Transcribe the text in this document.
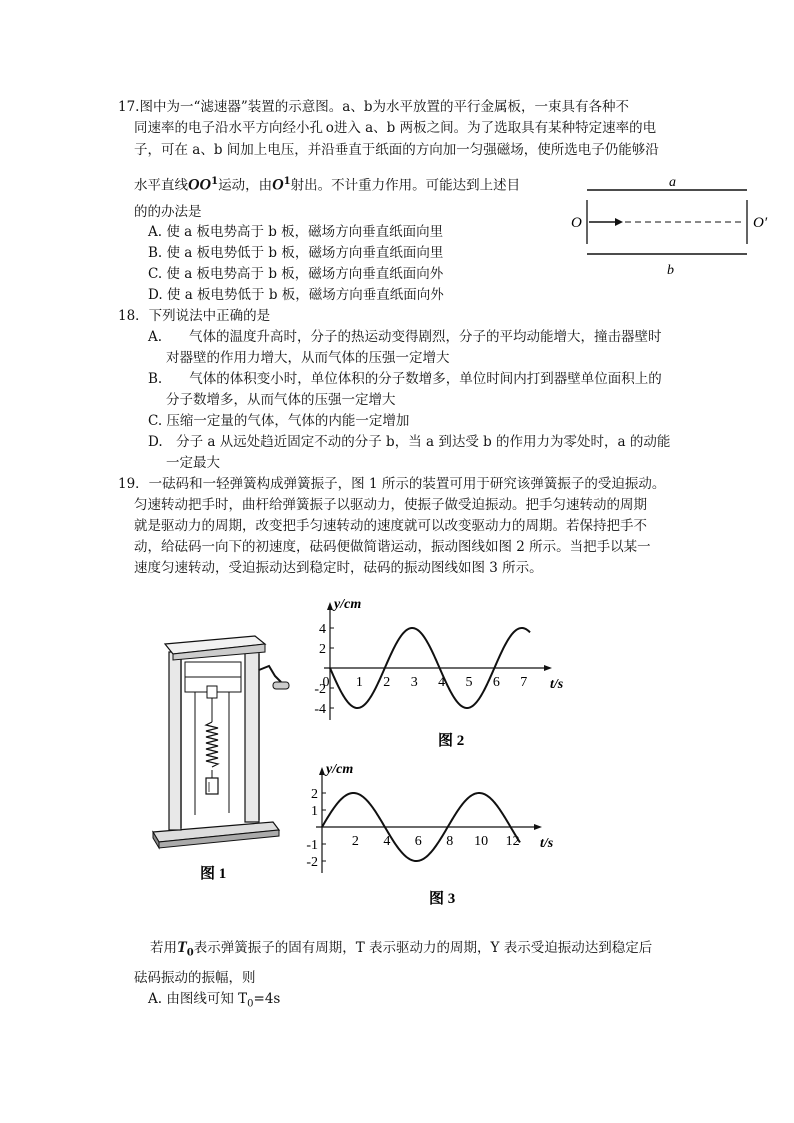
17.图中为一“滤速器”装置的示意图。a、b为水平放置的平行金属板，一束具有各种不
同速率的电子沿水平方向经小孔 o进入 a、b 两板之间。为了选取具有某种特定速率的电
子，可在 a、b 间加上电压，并沿垂直于纸面的方向加一匀强磁场，使所选电子仍能够沿
水平直线$OO^1$运动，由$O^1$射出。不计重力作用。可能达到上述目
的的办法是
A. 使 a 板电势高于 b 板，磁场方向垂直纸面向里
B. 使 a 板电势低于 b 板，磁场方向垂直纸面向里
C. 使 a 板电势高于 b 板，磁场方向垂直纸面向外
D. 使 a 板电势低于 b 板，磁场方向垂直纸面向外
a
O	O′
b
18．下列说法中正确的是
A.　　气体的温度升高时，分子的热运动变得剧烈，分子的平均动能增大，撞击器壁时
对器壁的作用力增大，从而气体的压强一定增大
B.　　气体的体积变小时，单位体积的分子数增多，单位时间内打到器壁单位面积上的
分子数增多，从而气体的压强一定增大
C. 压缩一定量的气体，气体的内能一定增加
D.　分子 a 从远处趋近固定不动的分子 b，当 a 到达受 b 的作用力为零处时，a 的动能
一定最大
19．一砝码和一轻弹簧构成弹簧振子，图 1 所示的装置可用于研究该弹簧振子的受迫振动。
匀速转动把手时，曲杆给弹簧振子以驱动力，使振子做受迫振动。把手匀速转动的周期
就是驱动力的周期，改变把手匀速转动的速度就可以改变驱动力的周期。若保持把手不
动，给砝码一向下的初速度，砝码便做简谐运动，振动图线如图 2 所示。当把手以某一
速度匀速转动，受迫振动达到稳定时，砝码的振动图线如图 3 所示。
图 1
y/cm
t/s
0 1 2 3 4 5 6 7
4
2
-2
-4
图 2
y/cm
t/s
2 4 6 8 10 12
2
1
-1
-2
图 3
若用$T_0$表示弹簧振子的固有周期，T 表示驱动力的周期，Y 表示受迫振动达到稳定后
砝码振动的振幅，则
A. 由图线可知 $T_0=4s$
